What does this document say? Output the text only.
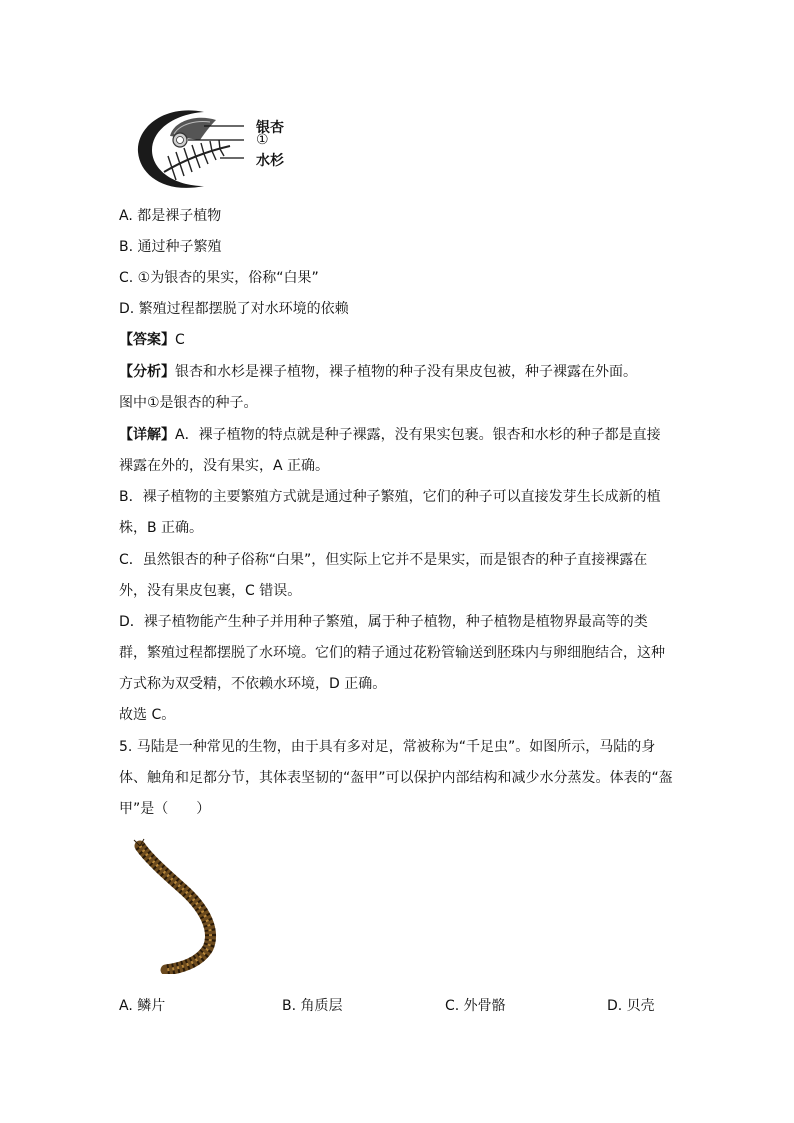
银杏
①
水杉
A. 都是裸子植物
B. 通过种子繁殖
C. ①为银杏的果实，俗称“白果”
D. 繁殖过程都摆脱了对水环境的依赖
【答案】C
【分析】银杏和水杉是裸子植物，裸子植物的种子没有果皮包被，种子裸露在外面。
图中①是银杏的种子。
【详解】A．裸子植物的特点就是种子裸露，没有果实包裹。银杏和水杉的种子都是直接
裸露在外的，没有果实，A 正确。
B．裸子植物的主要繁殖方式就是通过种子繁殖，它们的种子可以直接发芽生长成新的植
株，B 正确。
C．虽然银杏的种子俗称“白果”，但实际上它并不是果实，而是银杏的种子直接裸露在
外，没有果皮包裹，C 错误。
D．裸子植物能产生种子并用种子繁殖，属于种子植物，种子植物是植物界最高等的类
群，繁殖过程都摆脱了水环境。它们的精子通过花粉管输送到胚珠内与卵细胞结合，这种
方式称为双受精，不依赖水环境，D 正确。
故选 C。
5. 马陆是一种常见的生物，由于具有多对足，常被称为“千足虫”。如图所示，马陆的身
体、触角和足都分节，其体表坚韧的“盔甲”可以保护内部结构和减少水分蒸发。体表的“盔
甲”是（　　）
A. 鳞片	B. 角质层	C. 外骨骼	D. 贝壳
